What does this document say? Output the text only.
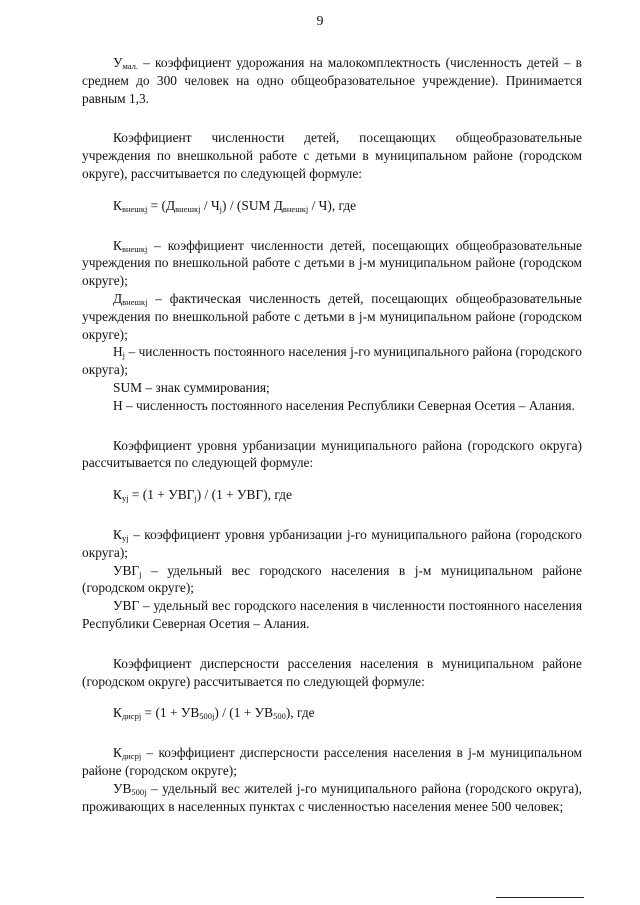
9

$У_{мал.}$ – коэффициент удорожания на малокомплектность (численность детей – в среднем до 300 человек на одно общеобразовательное учреждение). Принимается равным 1,3.

Коэффициент численности детей, посещающих общеобразовательные учреждения по внешкольной работе с детьми в муниципальном районе (городском округе), рассчитывается по следующей формуле:

$К_{внешкj} = (Д_{внешкj} / Ч_j) / (SUM$ $Д_{внешкj} / Ч$), где

$К_{внешкj}$ – коэффициент численности детей, посещающих общеобразовательные учреждения по внешкольной работе с детьми в j-м муниципальном районе (городском округе);

$Д_{внешкj}$ – фактическая численность детей, посещающих общеобразовательные учреждения по внешкольной работе с детьми в j-м муниципальном районе (городском округе);

$Н_j$ – численность постоянного населения j-го муниципального района (городского округа);

SUM – знак суммирования;

Н – численность постоянного населения Республики Северная Осетия – Алания.

Коэффициент уровня урбанизации муниципального района (городского округа) рассчитывается по следующей формуле:

$К_{уj} = (1 + УВГ_j) / (1 + УВГ)$, где

$К_{уj}$ – коэффициент уровня урбанизации j-го муниципального района (городского округа);

$УВГ_j$ – удельный вес городского населения в j-м муниципальном районе (городском округе);

УВГ – удельный вес городского населения в численности постоянного населения Республики Северная Осетия – Алания.

Коэффициент дисперсности расселения населения в муниципальном районе (городском округе) рассчитывается по следующей формуле:

$К_{дисpj} = (1 + УВ_{500j}) / (1 + УВ_{500})$, где

$К_{дисpj}$ – коэффициент дисперсности расселения населения в j-м муниципальном районе (городском округе);

$УВ_{500j}$ – удельный вес жителей j-го муниципального района (городского округа), проживающих в населенных пунктах с численностью населения менее 500 человек;
